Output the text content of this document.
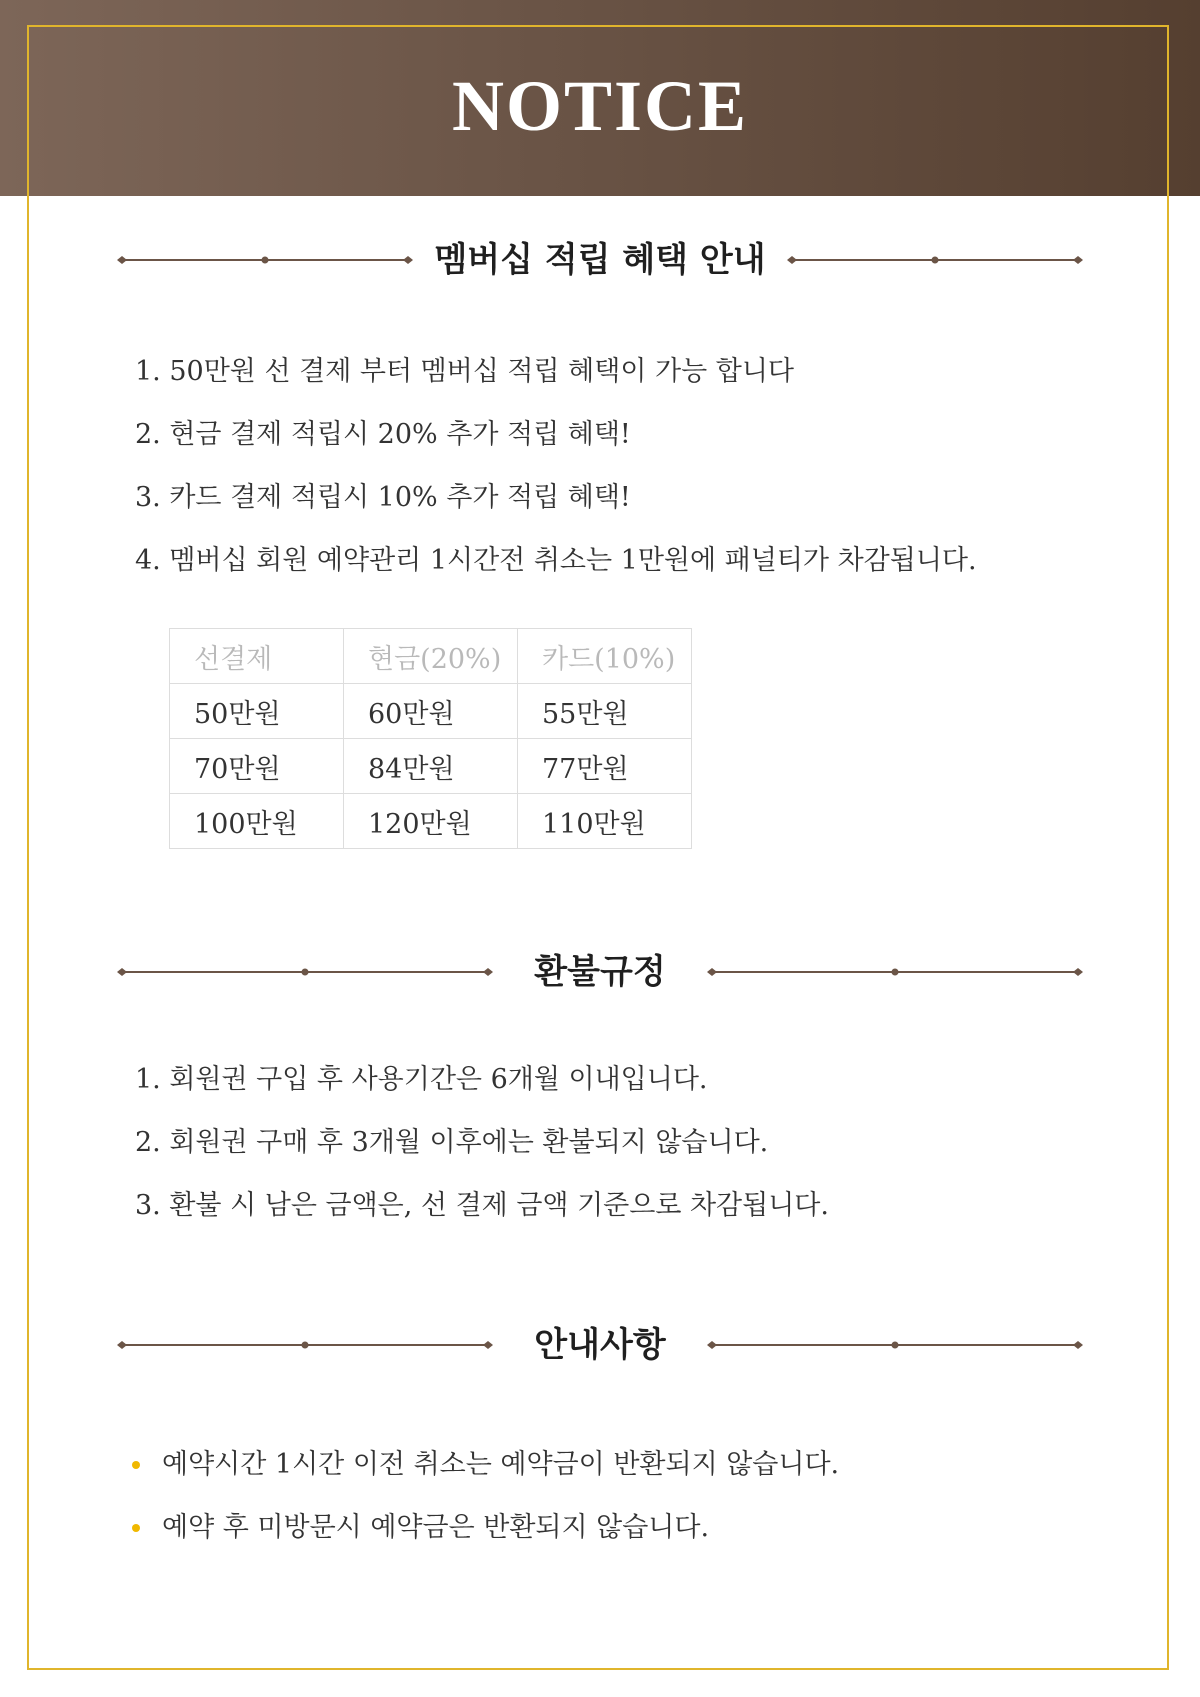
NOTICE
멤버십 적립 혜택 안내
1. 50만원 선 결제 부터 멤버십 적립 혜택이 가능 합니다
2. 현금 결제 적립시 20% 추가 적립 혜택!
3. 카드 결제 적립시 10% 추가 적립 혜택!
4. 멤버십 회원 예약관리 1시간전 취소는 1만원에 패널티가 차감됩니다.
선결제	현금(20%)	카드(10%)
50만원	60만원	55만원
70만원	84만원	77만원
100만원	120만원	110만원
환불규정
1. 회원권 구입 후 사용기간은 6개월 이내입니다.
2. 회원권 구매 후 3개월 이후에는 환불되지 않습니다.
3. 환불 시 남은 금액은, 선 결제 금액 기준으로 차감됩니다.
안내사항
예약시간 1시간 이전 취소는 예약금이 반환되지 않습니다.
예약 후 미방문시 예약금은 반환되지 않습니다.
